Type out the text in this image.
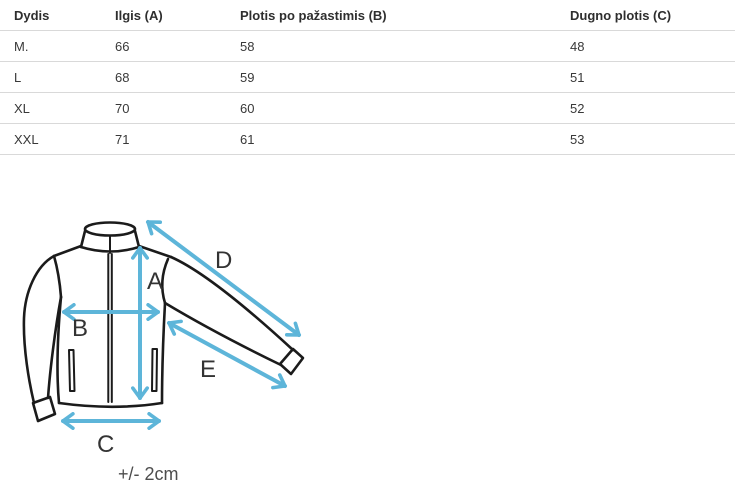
Dydis	Ilgis (A)	Plotis po pažastimis (B)	Dugno plotis (C)
M.	66	58	48
L	68	59	51
XL	70	60	52
XXL	71	61	53
A
B
C
D
E
+/- 2cm
